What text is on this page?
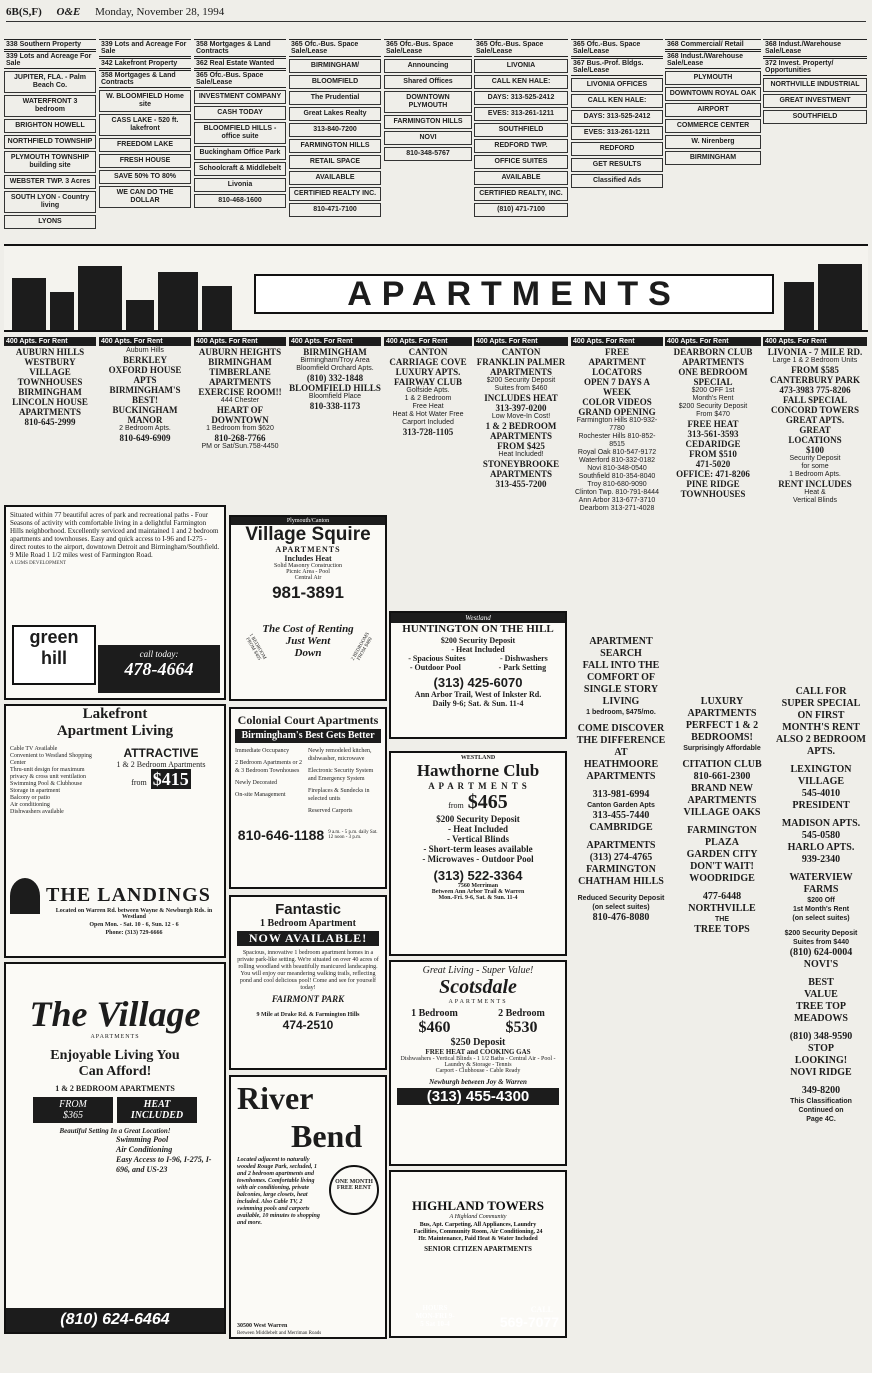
6B(S,F) O&E Monday, November 28, 1994
338 Southern Property
339 Lots and Acreage For Sale
JUPITER, FLA. - Palm Beach Co.
WATERFRONT 3 bedroom
BRIGHTON HOWELL
NORTHFIELD TOWNSHIP
PLYMOUTH TOWNSHIP building site
WEBSTER TWP. 3 Acres
SOUTH LYON - Country living
LYONS
339 Lots and Acreage For Sale
342 Lakefront Property
358 Mortgages & Land Contracts
W. BLOOMFIELD Home site
CASS LAKE - 520 ft. lakefront
FREEDOM LAKE
FRESH HOUSE
SAVE 50% TO 80%
WE CAN DO THE DOLLAR
358 Mortgages & Land Contracts
362 Real Estate Wanted
365 Ofc.-Bus. Space Sale/Lease
INVESTMENT COMPANY
CASH TODAY
BLOOMFIELD HILLS - office suite
Buckingham Office Park
Schoolcraft & Middlebelt
Livonia
810-468-1600
365 Ofc.-Bus. Space Sale/Lease
BIRMINGHAM/
BLOOMFIELD
The Prudential
Great Lakes Realty
313-840-7200
FARMINGTON HILLS
RETAIL SPACE
AVAILABLE
CERTIFIED REALTY INC.
810-471-7100
365 Ofc.-Bus. Space Sale/Lease
Announcing
Shared Offices
DOWNTOWN PLYMOUTH
FARMINGTON HILLS
NOVI
810-348-5767
365 Ofc.-Bus. Space Sale/Lease
LIVONIA
CALL KEN HALE:
DAYS: 313-525-2412
EVES: 313-261-1211
SOUTHFIELD
REDFORD TWP.
OFFICE SUITES
AVAILABLE
CERTIFIED REALTY, INC.
(810) 471-7100
365 Ofc.-Bus. Space Sale/Lease
367 Bus.-Prof. Bldgs. Sale/Lease
LIVONIA OFFICES
CALL KEN HALE:
DAYS: 313-525-2412
EVES: 313-261-1211
REDFORD
GET RESULTS
Classified Ads
368 Commercial/ Retail
368 Indust./Warehouse Sale/Lease
PLYMOUTH
DOWNTOWN ROYAL OAK
AIRPORT
COMMERCE CENTER
W. Nirenberg
BIRMINGHAM
368 Indust./Warehouse Sale/Lease
372 Invest. Property/ Opportunities
NORTHVILLE INDUSTRIAL
GREAT INVESTMENT
SOUTHFIELD
APARTMENTS
400 Apts. For Rent
AUBURN HILLS
WESTBURY
VILLAGE
TOWNHOUSES
BIRMINGHAM
LINCOLN HOUSE APARTMENTS
810-645-2999
400 Apts. For Rent
Auburn Hills
BERKLEY
OXFORD HOUSE APTS
BIRMINGHAM'S BEST!
BUCKINGHAM
MANOR
2 Bedroom Apts.
810-649-6909
400 Apts. For Rent
AUBURN HEIGHTS
BIRMINGHAM
TIMBERLANE
APARTMENTS
EXERCISE ROOM!!
444 Chester
HEART OF DOWNTOWN
1 Bedroom from $620
810-268-7766
PM or Sat/Sun.758-4450
400 Apts. For Rent
BIRMINGHAM
Birmingham/Troy Area
Bloomfield Orchard Apts.
(810) 332-1848
BLOOMFIELD HILLS
Bloomfield Place
810-338-1173
400 Apts. For Rent
CANTON
CARRIAGE COVE
LUXURY APTS.
FAIRWAY CLUB
Golfside Apts.
1 & 2 Bedroom
Free Heat
Heat & Hot Water Free
Carport Included
313-728-1105
400 Apts. For Rent
CANTON
FRANKLIN PALMER
APARTMENTS
$200 Security Deposit
Suites from $460
INCLUDES HEAT
313-397-0200
Low Move-In Cost!
1 & 2 BEDROOM
APARTMENTS
FROM $425
Heat Included!
STONEYBROOKE
APARTMENTS
313-455-7200
400 Apts. For Rent
FREE
APARTMENT
LOCATORS
OPEN 7 DAYS A WEEK
COLOR VIDEOS
GRAND OPENING
Farmington Hills 810-932-7780
Rochester Hills 810-852-8515
Royal Oak 810-547-9172
Waterford 810-332-0182
Novi 810-348-0540
Southfield 810-354-8040
Troy 810-680-9090
Clinton Twp. 810-791-8444
Ann Arbor 313-677-3710
Dearborn 313-271-4028
400 Apts. For Rent
DEARBORN CLUB
APARTMENTS
ONE BEDROOM SPECIAL
$200 OFF 1st
Month's Rent
$200 Security Deposit
From $470
FREE HEAT
313-561-3593
CEDARIDGE
FROM $510
471-5020
OFFICE: 471-8206
PINE RIDGE
TOWNHOUSES
400 Apts. For Rent
LIVONIA - 7 MILE RD.
Large 1 & 2 Bedroom Units
FROM $585
CANTERBURY PARK
473-3983 775-8206
FALL SPECIAL
CONCORD TOWERS
GREAT APTS.
GREAT
LOCATIONS
$100
Security Deposit
for some
1 Bedroom Apts.
RENT INCLUDES
Heat &
Vertical Blinds
Situated within 77 beautiful acres of park and recreational paths - Four Seasons of activity with comfortable living in a delightful Farmington Hills neighborhood. Excellently serviced and maintained 1 and 2 bedroom apartments and townhouses. Easy and quick access to I-96 and I-275 - direct routes to the airport, downtown Detroit and Birmingham/Southfield. 9 Mile Road 1 1/2 miles west of Farmington Road.
A U2MS DEVELOPMENT
green
hill	call today:
478-4664
Plymouth/Canton
Village Squire
APARTMENTS
Includes Heat
Solid Masonry Construction
Picnic Area - Pool
Central Air
981-3891
The Cost of Renting
Just Went
Down
1 BEDROOM FROM $405	2 BEDROOMS FROM $480
Westland
HUNTINGTON ON THE HILL
$200 Security Deposit
- Heat Included
- Spacious Suites	- Dishwashers
- Outdoor Pool	- Park Setting
(313) 425-6070
Ann Arbor Trail, West of Inkster Rd.
Daily 9-6; Sat. & Sun. 11-4
Lakefront
Apartment Living
ATTRACTIVE
1 & 2 Bedroom Apartments
from $415
Cable TV Available
Convenient to Westland Shopping Center
Thru-unit design for maximum privacy & cross unit ventilation
Swimming Pool & Clubhouse
Storage in apartment
Balcony or patio
Air conditioning
Dishwashers available
THE LANDINGS
Located on Warren Rd. between Wayne & Newburgh Rds. in Westland
Open Mon. - Sat. 10 - 6, Sun. 12 - 6
Phone: (313) 729-6666
Colonial Court Apartments
Birmingham's Best Gets Better
Immediate Occupancy
2 Bedroom Apartments or 2 & 3 Bedroom Townhouses
Newly Decorated
On-site Management
Newly remodeled kitchen, dishwasher, microwave
Electronic Security System and Emergency System
Fireplaces & Sundecks in selected units
Reserved Carports
810-646-1188 9 a.m. - 5 p.m. daily Sat. 12 noon - 3 p.m.
WESTLAND
Hawthorne Club
A P A R T M E N T S
from $465
$200 Security Deposit
- Heat Included
- Vertical Blinds
- Short-term leases available
- Microwaves - Outdoor Pool
(313) 522-3364
7560 Merriman
Between Ann Arbor Trail & Warren
Mon.-Fri. 9-6, Sat. & Sun. 11-4
Fantastic
1 Bedroom Apartment
NOW AVAILABLE!
Spacious, innovative 1 bedroom apartment homes in a private park-like setting. We're situated on over 40 acres of rolling woodland with beautifully manicured landscaping. You will enjoy our meandering walking trails, reflecting pond and cool delicious pool! Come and see for yourself today!
FAIRMONT PARK
9 Mile at Drake Rd. & Farmington Hills
474-2510
The Village
APARTMENTS
Enjoyable Living You
Can Afford!
1 & 2 BEDROOM APARTMENTS
FROM
$365
HEAT
INCLUDED
Beautiful Setting In a Great Location!
Swimming Pool
Air Conditioning
Easy Access to I-96, I-275, I-696, and US-23
(810) 624-6464
Great Living - Super Value!
Scotsdale
APARTMENTS
1 Bedroom
$460
2 Bedroom
$530
$250 Deposit
FREE HEAT and COOKING GAS
Dishwashers - Vertical Blinds - 1 1/2 Baths - Central Air - Pool - Laundry & Storage - Tennis
Carport - Clubhouse - Cable Ready
Newburgh between Joy & Warren
(313) 455-4300
River
Bend
Located adjacent to naturally wooded Rouge Park, secluded, 1 and 2 bedroom apartments and townhomes. Comfortable living with air conditioning, private balconies, large closets, heat included. Also Cable TV, 2 swimming pools and carports available, 10 minutes to shopping and more.
ONE MONTH FREE RENT
30500 West Warren
Between Middlebelt and Merriman Roads
HIGHLAND TOWERS
A Highland Community
Bus, Apt. Carpeting, All Appliances, Laundry Facilities, Community Room, Air Conditioning, 24 Hr. Maintenance, Paid Heat & Water Included
SENIOR CITIZEN APARTMENTS
HOURS MON-FRI 9-5 Sat 10-4
CALL
569-7077
APARTMENT
SEARCH
FALL INTO THE COMFORT OF SINGLE STORY LIVING
1 bedroom, $475/mo.
COME DISCOVER
THE DIFFERENCE AT
HEATHMOORE
APARTMENTS
313-981-6994
Canton Garden Apts
313-455-7440
CAMBRIDGE
APARTMENTS
(313) 274-4765
FARMINGTON
CHATHAM HILLS
Reduced Security Deposit
(on select suites)
810-476-8080
LUXURY
APARTMENTS
PERFECT 1 & 2 BEDROOMS!
Surprisingly Affordable
CITATION CLUB
810-661-2300
BRAND NEW APARTMENTS
VILLAGE OAKS
FARMINGTON PLAZA
GARDEN CITY
DON'T WAIT!
WOODRIDGE
477-6448
NORTHVILLE
THE
TREE TOPS
CALL FOR
SUPER SPECIAL
ON FIRST MONTH'S RENT
ALSO 2 BEDROOM APTS.
LEXINGTON
VILLAGE
545-4010
PRESIDENT
MADISON APTS.
545-0580
HARLO APTS.
939-2340
WATERVIEW FARMS
$200 Off
1st Month's Rent
(on select suites)
$200 Security Deposit
Suites from $440
(810) 624-0004
NOVI'S
BEST
VALUE
TREE TOP
MEADOWS
(810) 348-9590
STOP
LOOKING!
NOVI RIDGE
349-8200
This Classification
Continued on
Page 4C.
